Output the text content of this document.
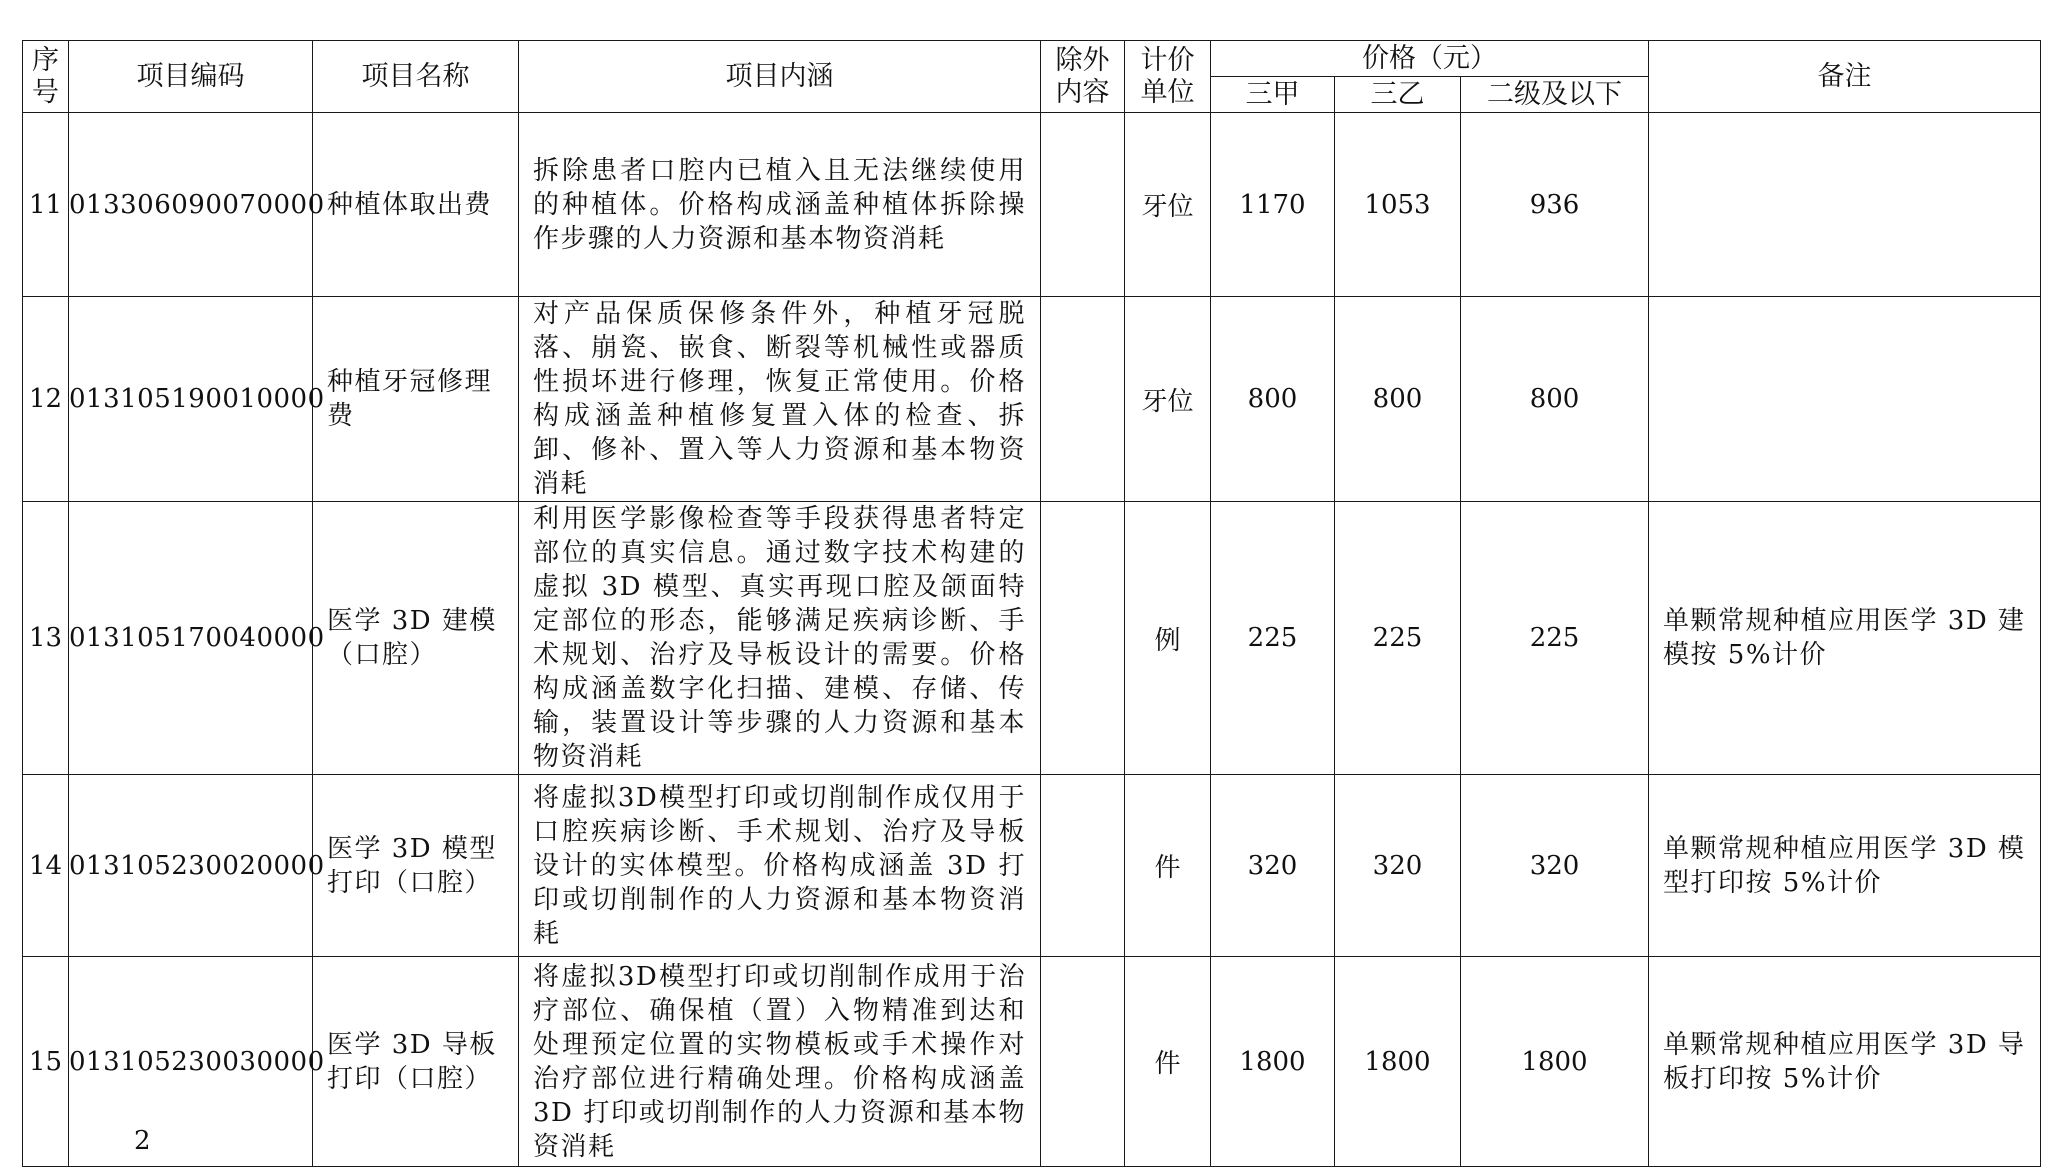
序号	项目编码	项目名称	项目内涵	除外内容	计价单位	价格（元）			备注
						三甲	三乙	二级及以下	
11	013306090070000	种植体取出费	拆除患者口腔内已植入且无法继续使用的种植体。价格构成涵盖种植体拆除操作步骤的人力资源和基本物资消耗		牙位	1170	1053	936	
12	013105190010000	种植牙冠修理费	对产品保质保修条件外，种植牙冠脱落、崩瓷、嵌食、断裂等机械性或器质性损坏进行修理，恢复正常使用。价格构成涵盖种植修复置入体的检查、拆卸、修补、置入等人力资源和基本物资消耗		牙位	800	800	800	
13	013105170040000	医学 3D 建模（口腔）	利用医学影像检查等手段获得患者特定部位的真实信息。通过数字技术构建的虚拟 3D 模型、真实再现口腔及颌面特定部位的形态，能够满足疾病诊断、手术规划、治疗及导板设计的需要。价格构成涵盖数字化扫描、建模、存储、传输，装置设计等步骤的人力资源和基本物资消耗		例	225	225	225	单颗常规种植应用医学 3D 建模按 5%计价
14	013105230020000	医学 3D 模型打印（口腔）	将虚拟3D模型打印或切削制作成仅用于口腔疾病诊断、手术规划、治疗及导板设计的实体模型。价格构成涵盖 3D 打印或切削制作的人力资源和基本物资消耗		件	320	320	320	单颗常规种植应用医学 3D 模型打印按 5%计价
15	013105230030000	医学 3D 导板打印（口腔）	将虚拟3D模型打印或切削制作成用于治疗部位、确保植（置）入物精准到达和处理预定位置的实物模板或手术操作对治疗部位进行精确处理。价格构成涵盖 3D 打印或切削制作的人力资源和基本物资消耗		件	1800	1800	1800	单颗常规种植应用医学 3D 导板打印按 5%计价
2
